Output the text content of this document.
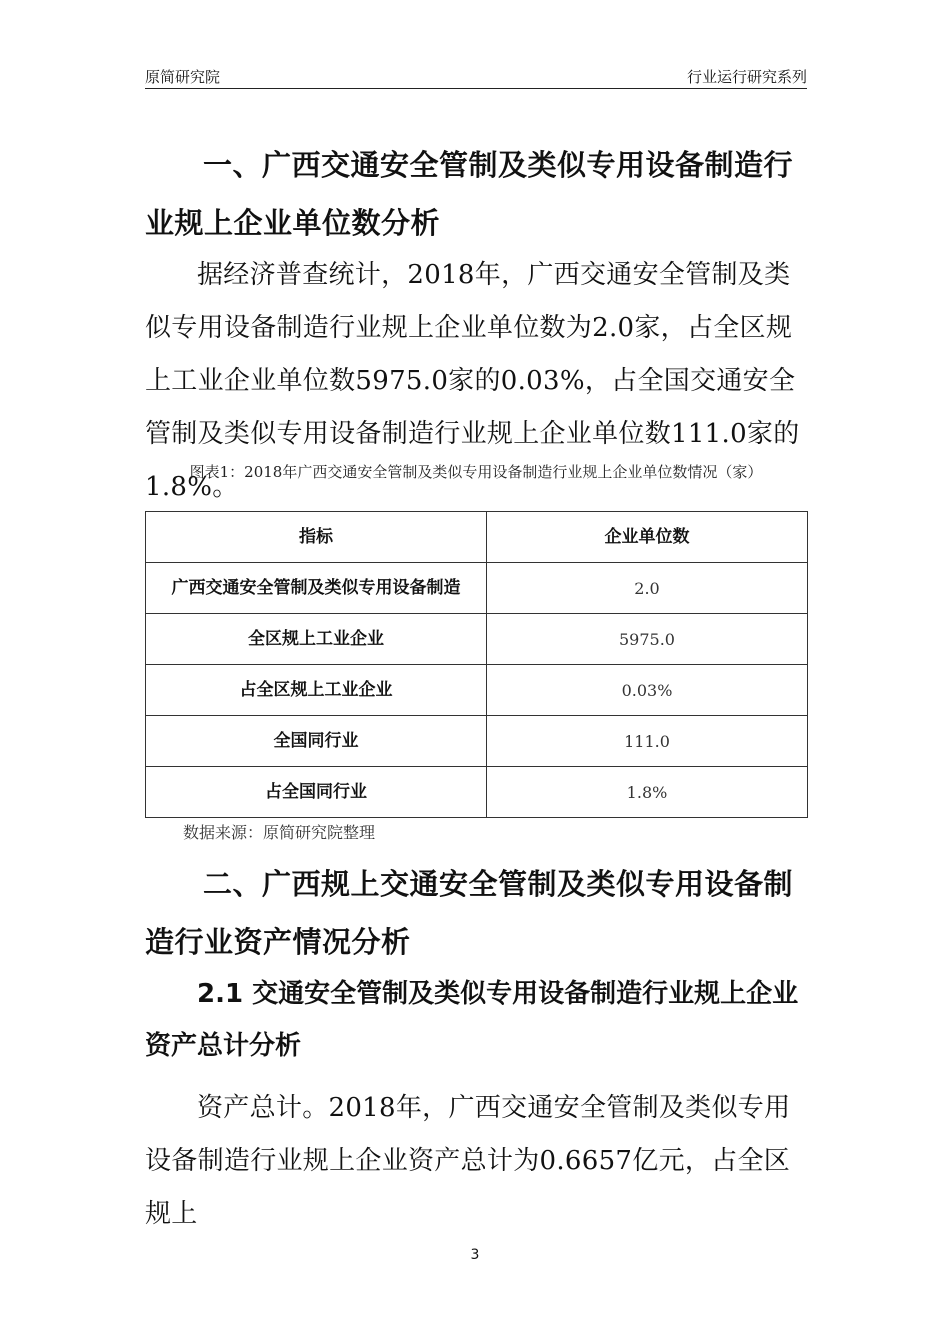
原简研究院	行业运行研究系列
一、广西交通安全管制及类似专用设备制造行业规上企业单位数分析
据经济普查统计，2018年，广西交通安全管制及类似专用设备制造行业规上企业单位数为2.0家，占全区规上工业企业单位数5975.0家的0.03%，占全国交通安全管制及类似专用设备制造行业规上企业单位数111.0家的1.8%。
图表1：2018年广西交通安全管制及类似专用设备制造行业规上企业单位数情况（家）
指标	企业单位数
广西交通安全管制及类似专用设备制造	2.0
全区规上工业企业	5975.0
占全区规上工业企业	0.03%
全国同行业	111.0
占全国同行业	1.8%
数据来源：原简研究院整理
二、广西规上交通安全管制及类似专用设备制造行业资产情况分析
2.1 交通安全管制及类似专用设备制造行业规上企业资产总计分析
资产总计。2018年，广西交通安全管制及类似专用设备制造行业规上企业资产总计为0.6657亿元，占全区规上
3
